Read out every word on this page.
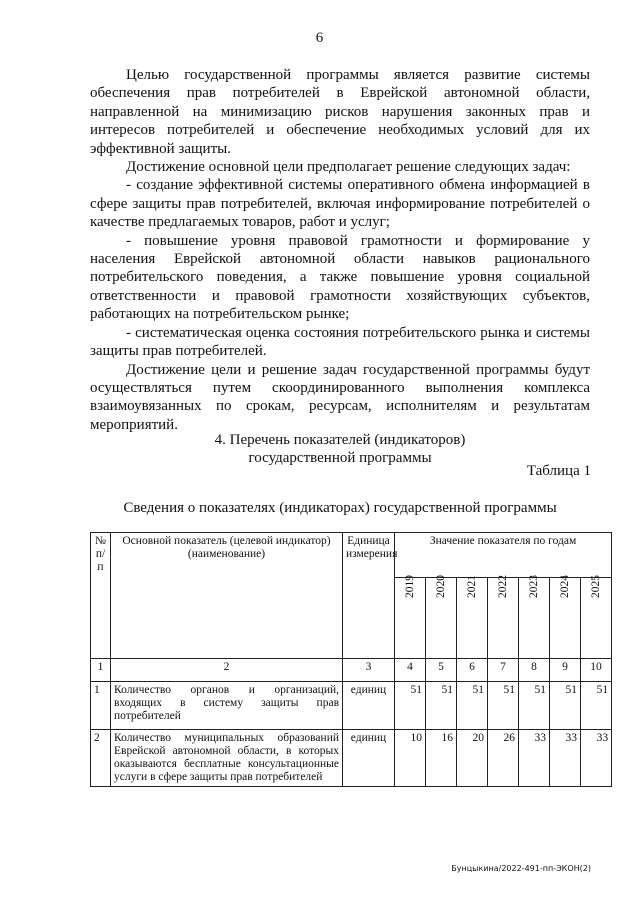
6

Целью государственной программы является развитие системы обеспечения прав потребителей в Еврейской автономной области, направленной на минимизацию рисков нарушения законных прав и интересов потребителей и обеспечение необходимых условий для их эффективной защиты.

Достижение основной цели предполагает решение следующих задач:

- создание эффективной системы оперативного обмена информацией в сфере защиты прав потребителей, включая информирование потребителей о качестве предлагаемых товаров, работ и услуг;

- повышение уровня правовой грамотности и формирование у населения Еврейской автономной области навыков рационального потребительского поведения, а также повышение уровня социальной ответственности и правовой грамотности хозяйствующих субъектов, работающих на потребительском рынке;

- систематическая оценка состояния потребительского рынка и системы защиты прав потребителей.

Достижение цели и решение задач государственной программы будут осуществляться путем скоординированного выполнения комплекса взаимоувязанных по срокам, ресурсам, исполнителям и результатам мероприятий.

4. Перечень показателей (индикаторов)
государственной программы
Таблица 1
Сведения о показателях (индикаторах) государственной программы
№ п/п	Основной показатель (целевой индикатор) (наименование)	Единица измерения	Значение показателя по годам						
			2019	2020	2021	2022	2023	2024	2025
1	2	3	4	5	6	7	8	9	10
1	Количество органов и организаций, входящих в систему защиты прав потребителей	единиц	51	51	51	51	51	51	51
2	Количество муниципальных образований Еврейской автономной области, в которых оказываются бесплатные консультационные услуги в сфере защиты прав потребителей	единиц	10	16	20	26	33	33	33
Бунцыкина/2022-491-пп-ЭКОН(2)
